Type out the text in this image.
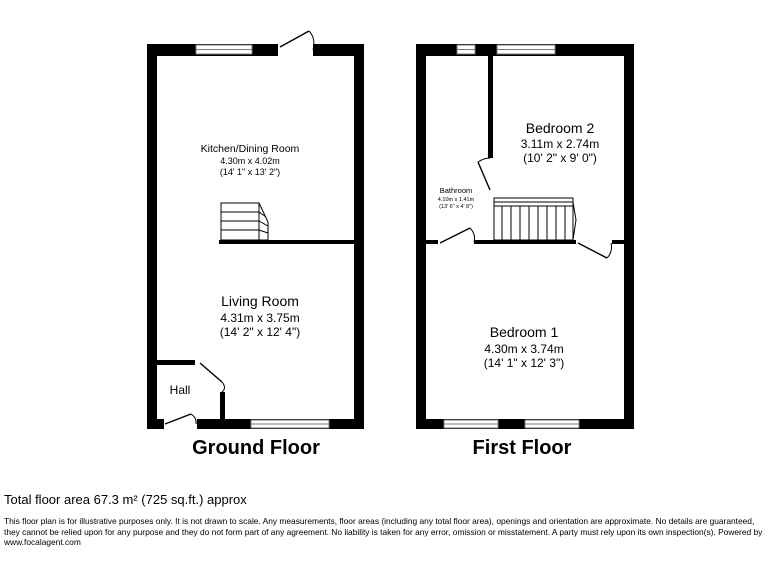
Kitchen/Dining Room
4.30m x 4.02m
(14' 1" x 13' 2")
Living Room
4.31m x 3.75m
(14' 2" x 12' 4")
Hall
Ground Floor
Bedroom 2
3.11m x 2.74m
(10' 2" x 9' 0")
Bathroom
4.10m x 1.41m
(13' 6" x 4' 8")
Bedroom 1
4.30m x 3.74m
(14' 1" x 12' 3")
First Floor
Total floor area 67.3 m² (725 sq.ft.) approx
This floor plan is for illustrative purposes only. It is not drawn to scale. Any measurements, floor areas (including any total floor area), openings and orientation are approximate. No details are guaranteed, they cannot be relied upon for any purpose and they do not form part of any agreement. No liability is taken for any error, omission or misstatement. A party must rely upon its own inspection(s). Powered by www.focalagent.com
